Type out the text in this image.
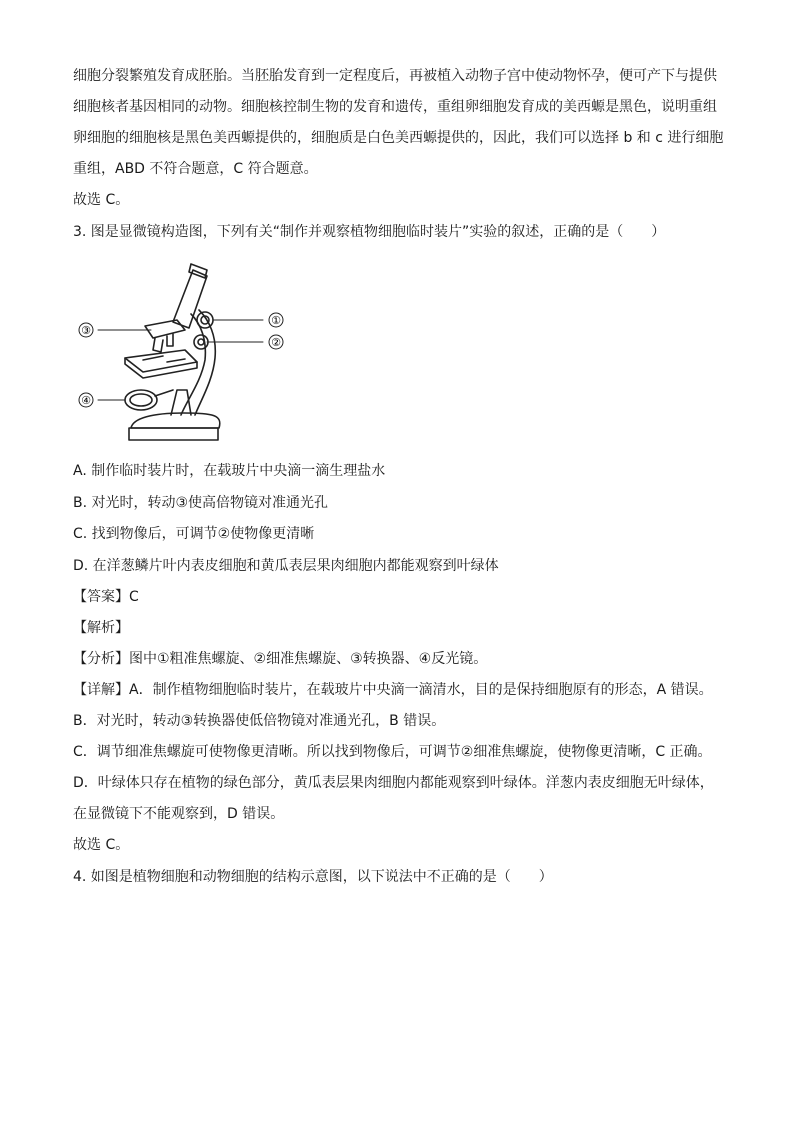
细胞分裂繁殖发育成胚胎。当胚胎发育到一定程度后，再被植入动物子宫中使动物怀孕，便可产下与提供
细胞核者基因相同的动物。细胞核控制生物的发育和遗传，重组卵细胞发育成的美西螈是黑色，说明重组
卵细胞的细胞核是黑色美西螈提供的，细胞质是白色美西螈提供的，因此，我们可以选择 b 和 c 进行细胞
重组，ABD 不符合题意，C 符合题意。
故选 C。
3. 图是显微镜构造图，下列有关“制作并观察植物细胞临时装片”实验的叙述，正确的是（　　）
①
②
③
④
A. 制作临时装片时，在载玻片中央滴一滴生理盐水
B. 对光时，转动③使高倍物镜对准通光孔
C. 找到物像后，可调节②使物像更清晰
D. 在洋葱鳞片叶内表皮细胞和黄瓜表层果肉细胞内都能观察到叶绿体
【答案】C
【解析】
【分析】图中①粗准焦螺旋、②细准焦螺旋、③转换器、④反光镜。
【详解】A．制作植物细胞临时装片，在载玻片中央滴一滴清水，目的是保持细胞原有的形态，A 错误。
B．对光时，转动③转换器使低倍物镜对准通光孔，B 错误。
C．调节细准焦螺旋可使物像更清晰。所以找到物像后，可调节②细准焦螺旋，使物像更清晰，C 正确。
D．叶绿体只存在植物的绿色部分，黄瓜表层果肉细胞内都能观察到叶绿体。洋葱内表皮细胞无叶绿体，
在显微镜下不能观察到，D 错误。
故选 C。
4. 如图是植物细胞和动物细胞的结构示意图，以下说法中不正确的是（　　）
